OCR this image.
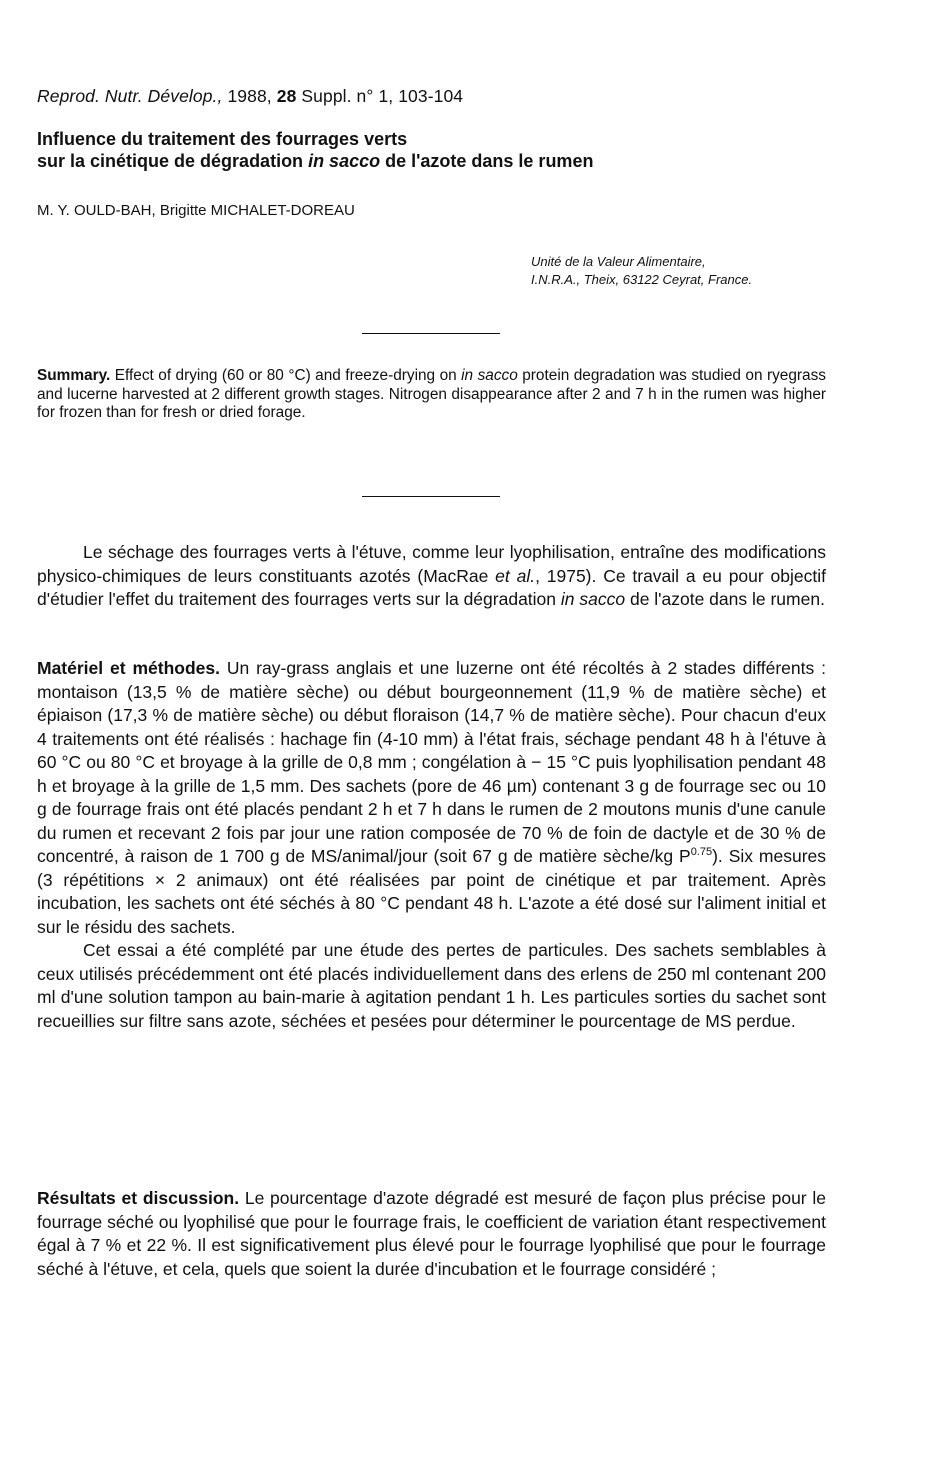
Reprod. Nutr. Dévelop., 1988, 28 Suppl. n° 1, 103-104
Influence du traitement des fourrages verts
sur la cinétique de dégradation in sacco de l'azote dans le rumen
M. Y. OULD-BAH, Brigitte MICHALET-DOREAU
Unité de la Valeur Alimentaire,
I.N.R.A., Theix, 63122 Ceyrat, France.
Summary. Effect of drying (60 or 80 °C) and freeze-drying on in sacco protein degradation was studied on ryegrass and lucerne harvested at 2 different growth stages. Nitrogen disappearance after 2 and 7 h in the rumen was higher for frozen than for fresh or dried forage.

Le séchage des fourrages verts à l'étuve, comme leur lyophilisation, entraîne des modifications physico-chimiques de leurs constituants azotés (MacRae et al., 1975). Ce travail a eu pour objectif d'étudier l'effet du traitement des fourrages verts sur la dégradation in sacco de l'azote dans le rumen.

Matériel et méthodes. Un ray-grass anglais et une luzerne ont été récoltés à 2 stades différents : montaison (13,5 % de matière sèche) ou début bourgeonnement (11,9 % de matière sèche) et épiaison (17,3 % de matière sèche) ou début floraison (14,7 % de matière sèche). Pour chacun d'eux 4 traitements ont été réalisés : hachage fin (4-10 mm) à l'état frais, séchage pendant 48 h à l'étuve à 60 °C ou 80 °C et broyage à la grille de 0,8 mm ; congélation à − 15 °C puis lyophilisation pendant 48 h et broyage à la grille de 1,5 mm. Des sachets (pore de 46 µm) contenant 3 g de fourrage sec ou 10 g de fourrage frais ont été placés pendant 2 h et 7 h dans le rumen de 2 moutons munis d'une canule du rumen et recevant 2 fois par jour une ration composée de 70 % de foin de dactyle et de 30 % de concentré, à raison de 1 700 g de MS/animal/jour (soit 67 g de matière sèche/kg $P^{0.75}$). Six mesures (3 répétitions × 2 animaux) ont été réalisées par point de cinétique et par traitement. Après incubation, les sachets ont été séchés à 80 °C pendant 48 h. L'azote a été dosé sur l'aliment initial et sur le résidu des sachets.

Cet essai a été complété par une étude des pertes de particules. Des sachets semblables à ceux utilisés précédemment ont été placés individuellement dans des erlens de 250 ml contenant 200 ml d'une solution tampon au bain-marie à agitation pendant 1 h. Les particules sorties du sachet sont recueillies sur filtre sans azote, séchées et pesées pour déterminer le pourcentage de MS perdue.

Résultats et discussion. Le pourcentage d'azote dégradé est mesuré de façon plus précise pour le fourrage séché ou lyophilisé que pour le fourrage frais, le coefficient de variation étant respectivement égal à 7 % et 22 %. Il est significativement plus élevé pour le fourrage lyophilisé que pour le fourrage séché à l'étuve, et cela, quels que soient la durée d'incubation et le fourrage considéré ;
